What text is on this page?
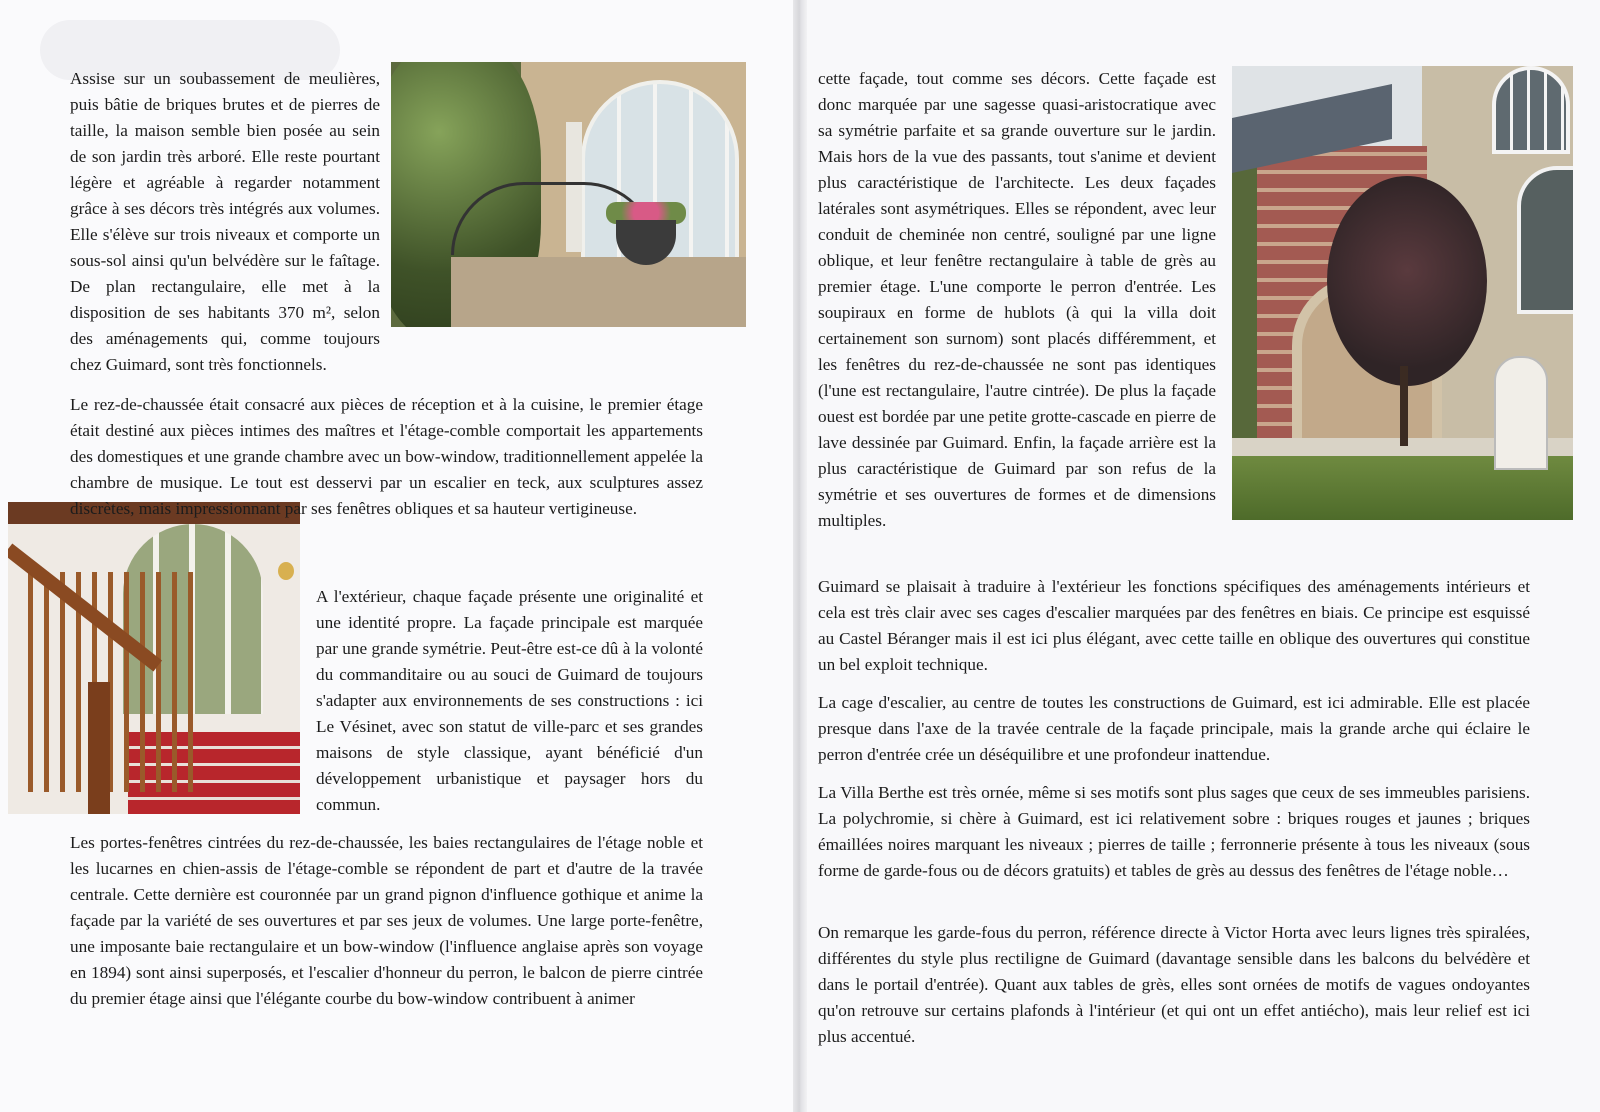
Assise sur un soubassement de meulières, puis bâtie de briques brutes et de pierres de taille, la maison semble bien posée au sein de son jardin très arboré. Elle reste pourtant légère et agréable à regarder notamment grâce à ses décors très intégrés aux volumes. Elle s'élève sur trois niveaux et comporte un sous-sol ainsi qu'un belvédère sur le faîtage. De plan rectangulaire, elle met à la disposition de ses habitants 370 m², selon des aménagements qui, comme toujours chez Guimard, sont très fonctionnels.

Le rez-de-chaussée était consacré aux pièces de réception et à la cuisine, le premier étage était destiné aux pièces intimes des maîtres et l'étage-comble comportait les appartements des domestiques et une grande chambre avec un bow-window, traditionnellement appelée la chambre de musique. Le tout est desservi par un escalier en teck, aux sculptures assez discrètes, mais impressionnant par ses fenêtres obliques et sa hauteur vertigineuse.

A l'extérieur, chaque façade présente une originalité et une identité propre. La façade principale est marquée par une grande symétrie. Peut-être est-ce dû à la volonté du commanditaire ou au souci de Guimard de toujours s'adapter aux environnements de ses constructions : ici Le Vésinet, avec son statut de ville-parc et ses grandes maisons de style classique, ayant bénéficié d'un développement urbanistique et paysager hors du commun.

Les portes-fenêtres cintrées du rez-de-chaussée, les baies rectangulaires de l'étage noble et les lucarnes en chien-assis de l'étage-comble se répondent de part et d'autre de la travée centrale. Cette dernière est couronnée par un grand pignon d'influence gothique et anime la façade par la variété de ses ouvertures et par ses jeux de volumes. Une large porte-fenêtre, une imposante baie rectangulaire et un bow-window (l'influence anglaise après son voyage en 1894) sont ainsi superposés, et l'escalier d'honneur du perron, le balcon de pierre cintrée du premier étage ainsi que l'élégante courbe du bow-window contribuent à animer

cette façade, tout comme ses décors. Cette façade est donc marquée par une sagesse quasi-aristocratique avec sa symétrie parfaite et sa grande ouverture sur le jardin. Mais hors de la vue des passants, tout s'anime et devient plus caractéristique de l'architecte. Les deux façades latérales sont asymétriques. Elles se répondent, avec leur conduit de cheminée non centré, souligné par une ligne oblique, et leur fenêtre rectangulaire à table de grès au premier étage. L'une comporte le perron d'entrée. Les soupiraux en forme de hublots (à qui la villa doit certainement son surnom) sont placés différemment, et les fenêtres du rez-de-chaussée ne sont pas identiques (l'une est rectangulaire, l'autre cintrée). De plus la façade ouest est bordée par une petite grotte-cascade en pierre de lave dessinée par Guimard. Enfin, la façade arrière est la plus caractéristique de Guimard par son refus de la symétrie et ses ouvertures de formes et de dimensions multiples.

Guimard se plaisait à traduire à l'extérieur les fonctions spécifiques des aménagements intérieurs et cela est très clair avec ses cages d'escalier marquées par des fenêtres en biais. Ce principe est esquissé au Castel Béranger mais il est ici plus élégant, avec cette taille en oblique des ouvertures qui constitue un bel exploit technique.

La cage d'escalier, au centre de toutes les constructions de Guimard, est ici admirable. Elle est placée presque dans l'axe de la travée centrale de la façade principale, mais la grande arche qui éclaire le perron d'entrée crée un déséquilibre et une profondeur inattendue.

La Villa Berthe est très ornée, même si ses motifs sont plus sages que ceux de ses immeubles parisiens. La polychromie, si chère à Guimard, est ici relativement sobre : briques rouges et jaunes ; briques émaillées noires marquant les niveaux ; pierres de taille ; ferronnerie présente à tous les niveaux (sous forme de garde-fous ou de décors gratuits) et tables de grès au dessus des fenêtres de l'étage noble…

On remarque les garde-fous du perron, référence directe à Victor Horta avec leurs lignes très spiralées, différentes du style plus rectiligne de Guimard (davantage sensible dans les balcons du belvédère et dans le portail d'entrée). Quant aux tables de grès, elles sont ornées de motifs de vagues ondoyantes qu'on retrouve sur certains plafonds à l'intérieur (et qui ont un effet antiécho), mais leur relief est ici plus accentué.
